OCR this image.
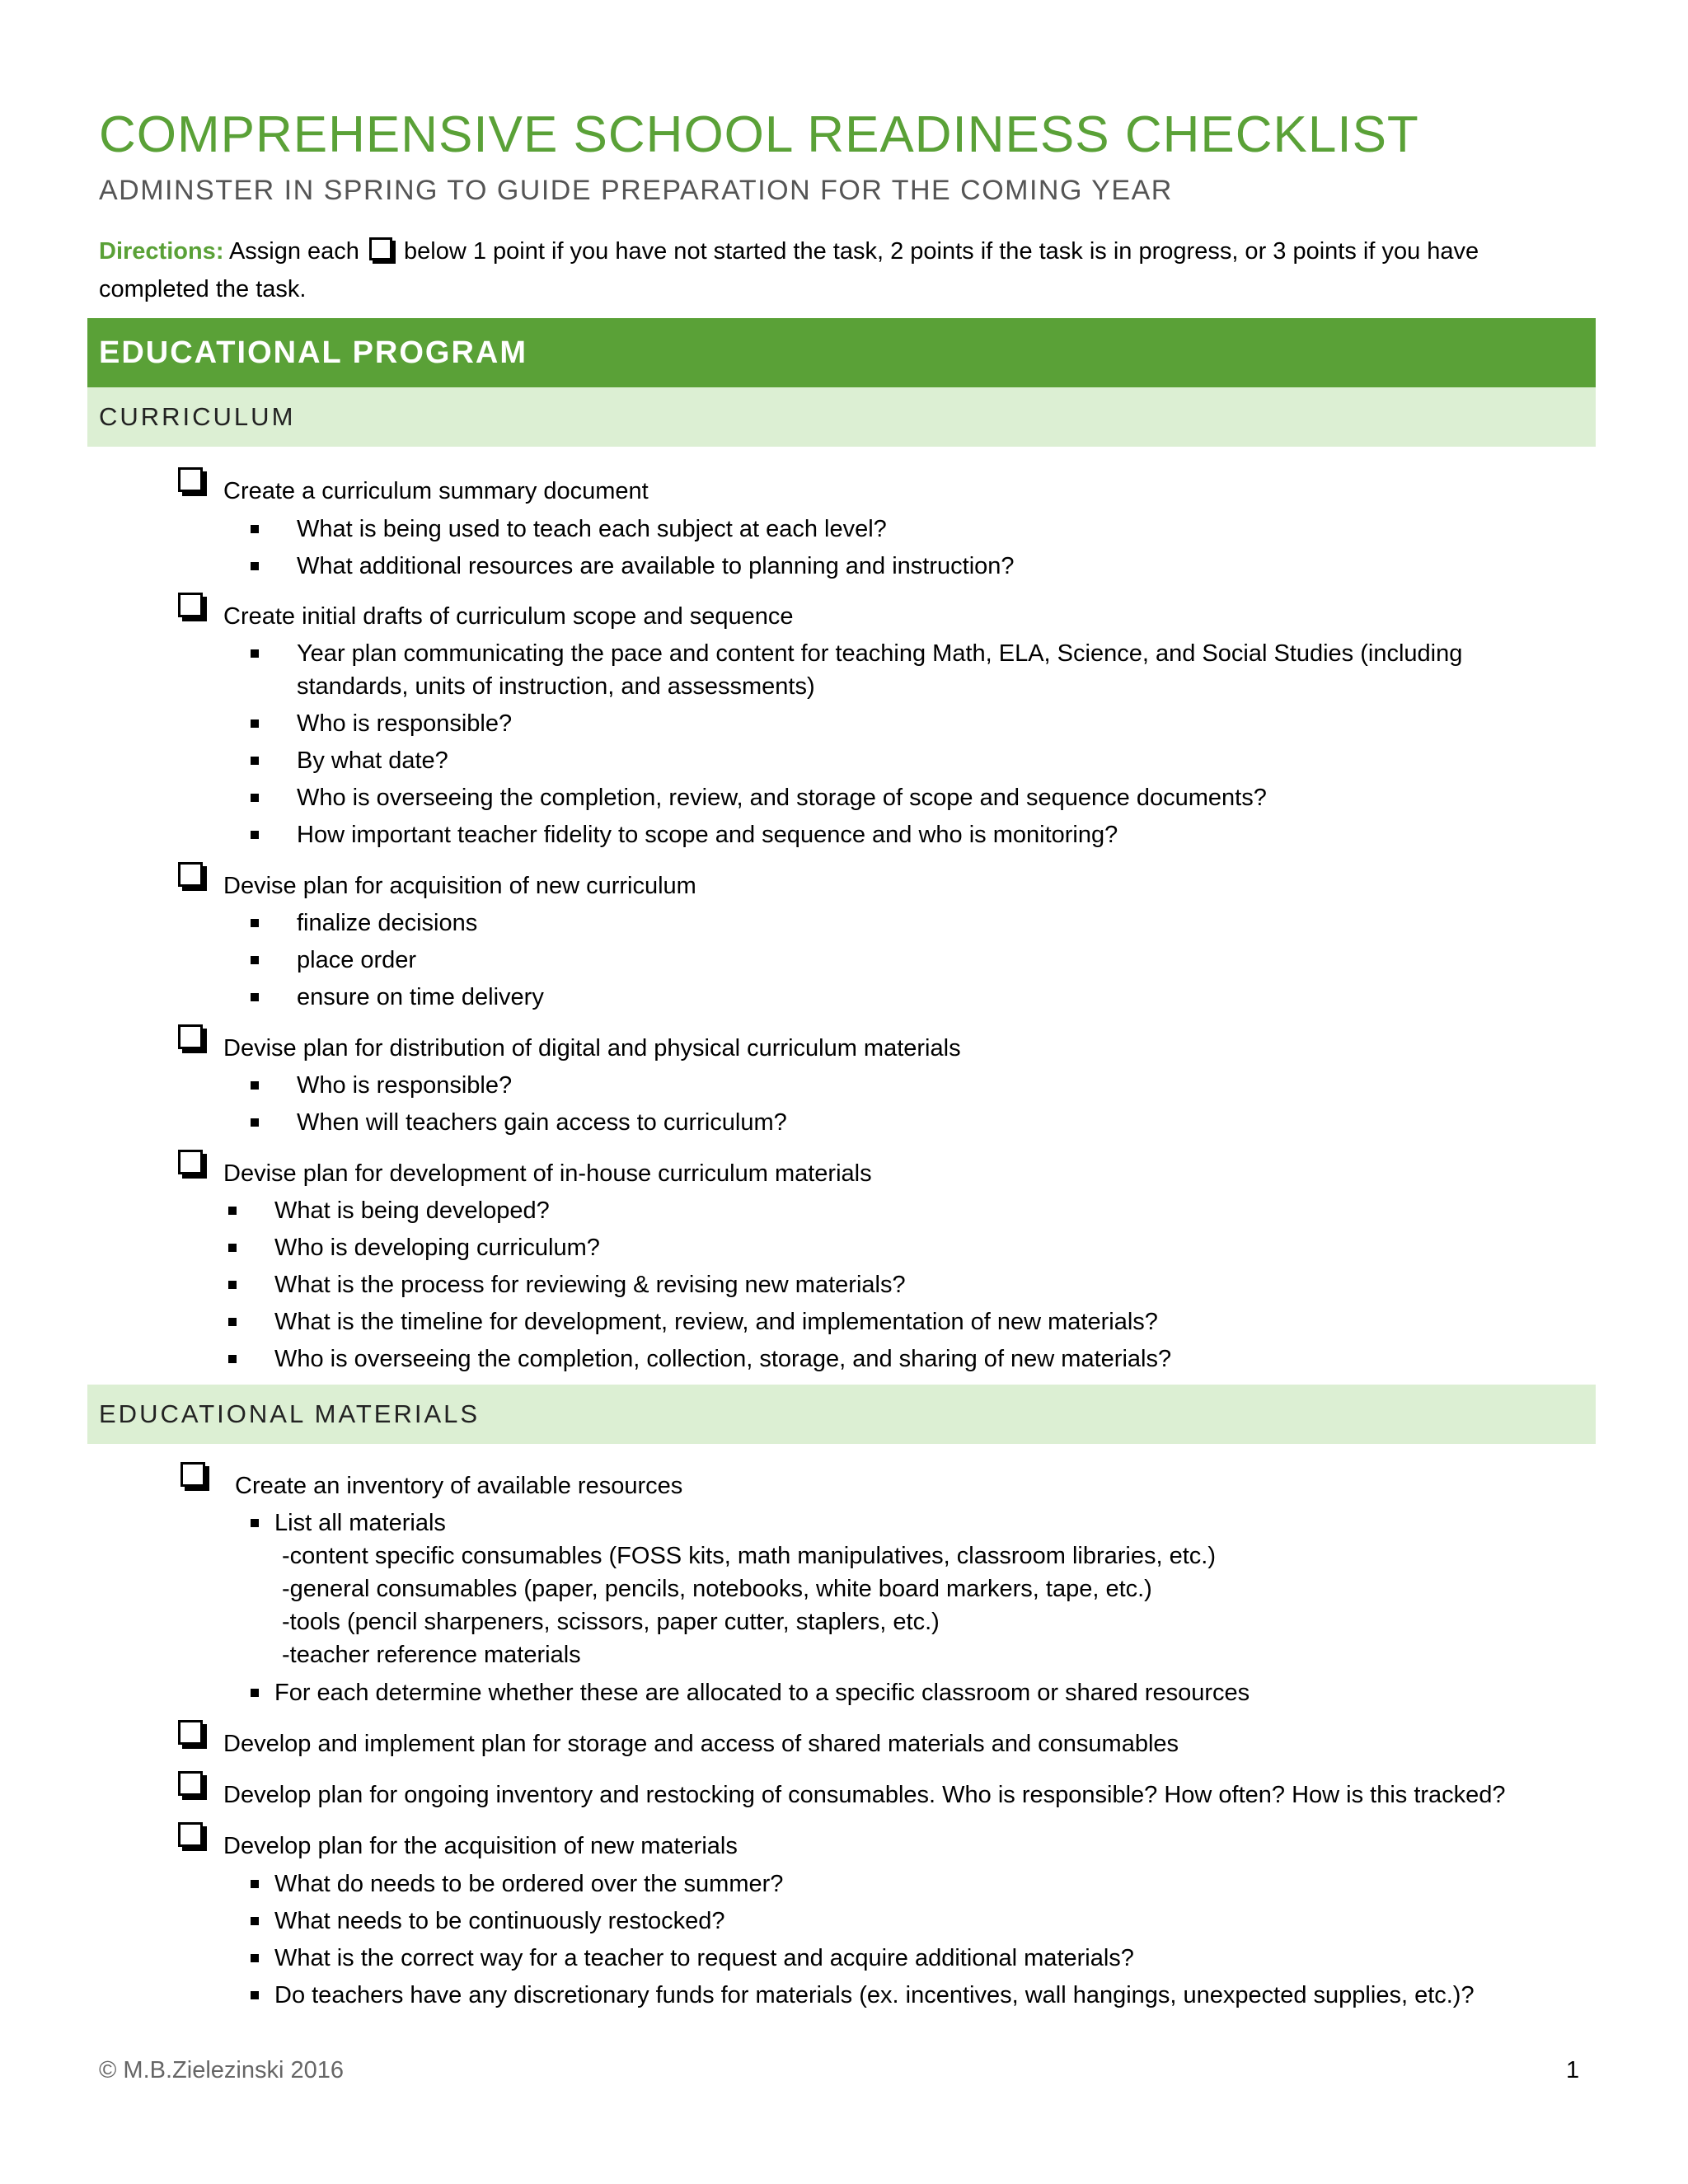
COMPREHENSIVE SCHOOL READINESS CHECKLIST
ADMINSTER IN SPRING TO GUIDE PREPARATION FOR THE COMING YEAR
Directions: Assign each  below 1 point if you have not started the task, 2 points if the task is in progress, or 3 points if you have completed the task.
EDUCATIONAL PROGRAM
CURRICULUM
Create a curriculum summary document
What is being used to teach each subject at each level?
What additional resources are available to planning and instruction?
Create initial drafts of curriculum scope and sequence
Year plan communicating the pace and content for teaching Math, ELA, Science, and Social Studies (including
standards, units of instruction, and assessments)
Who is responsible?
By what date?
Who is overseeing the completion, review, and storage of scope and sequence documents?
How important teacher fidelity to scope and sequence and who is monitoring?
Devise plan for acquisition of new curriculum
finalize decisions
place order
ensure on time delivery
Devise plan for distribution of digital and physical curriculum materials
Who is responsible?
When will teachers gain access to curriculum?
Devise plan for development of in-house curriculum materials
What is being developed?
Who is developing curriculum?
What is the process for reviewing & revising new materials?
What is the timeline for development, review, and implementation of new materials?
Who is overseeing the completion, collection, storage, and sharing of new materials?
EDUCATIONAL MATERIALS
Create an inventory of available resources
List all materials
-content specific consumables (FOSS kits, math manipulatives, classroom libraries, etc.)
-general consumables (paper, pencils, notebooks, white board markers, tape, etc.)
-tools (pencil sharpeners, scissors, paper cutter, staplers, etc.)
-teacher reference materials
For each determine whether these are allocated to a specific classroom or shared resources
Develop and implement plan for storage and access of shared materials and consumables
Develop plan for ongoing inventory and restocking of consumables. Who is responsible? How often? How is this tracked?
Develop plan for the acquisition of new materials
What do needs to be ordered over the summer?
What needs to be continuously restocked?
What is the correct way for a teacher to request and acquire additional materials?
Do teachers have any discretionary funds for materials (ex. incentives, wall hangings, unexpected supplies, etc.)?
© M.B.Zielezinski 2016	1
